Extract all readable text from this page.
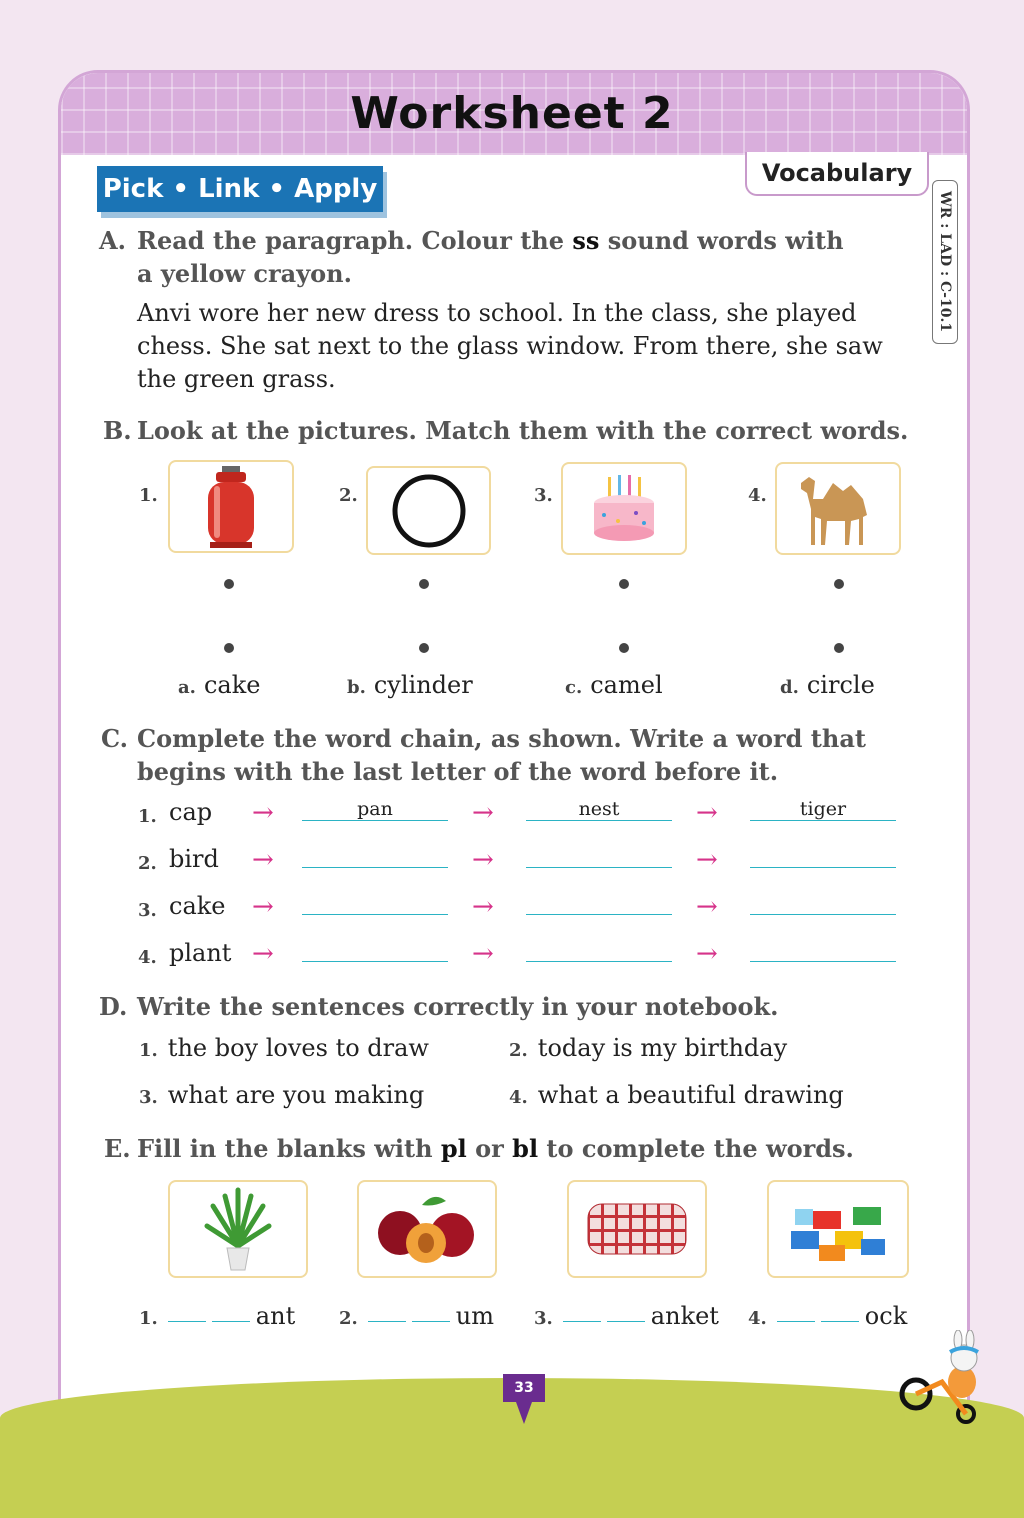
Worksheet 2
Pick • Link • Apply
Vocabulary
WR : LAD : C-10.1
A. Read the paragraph. Colour the ss sound words with a yellow crayon.
Anvi wore her new dress to school. In the class, she played chess. She sat next to the glass window. From there, she saw the green grass.
B. Look at the pictures. Match them with the correct words.
1.	2.	3.	4.
a. cake	b. cylinder	c. camel	d. circle
C. Complete the word chain, as shown. Write a word that begins with the last letter of the word before it.
1. cap →	pan	→	nest	→	tiger
2. bird →	→	→
3. cake →	→	→
4. plant →	→	→
D. Write the sentences correctly in your notebook.
1. the boy loves to draw	2. today is my birthday
3. what are you making	4. what a beautiful drawing
E. Fill in the blanks with pl or bl to complete the words.
1.	ant 2.	um 3.	anket 4.	ock
33
